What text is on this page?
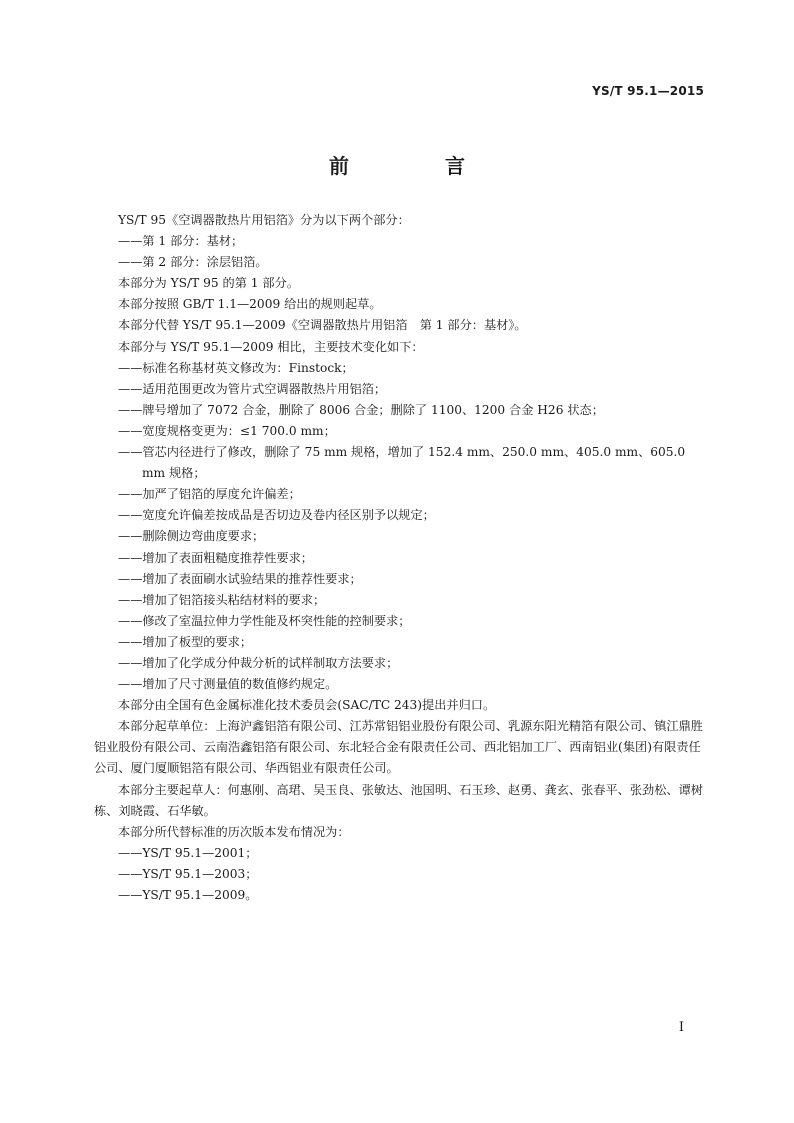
YS/T 95.1—2015
前　言

YS/T 95《空调器散热片用铝箔》分为以下两个部分：

——第 1 部分：基材；

——第 2 部分：涂层铝箔。

本部分为 YS/T 95 的第 1 部分。

本部分按照 GB/T 1.1—2009 给出的规则起草。

本部分代替 YS/T 95.1—2009《空调器散热片用铝箔　第 1 部分：基材》。

本部分与 YS/T 95.1—2009 相比，主要技术变化如下：

——标准名称基材英文修改为：Finstock；

——适用范围更改为管片式空调器散热片用铝箔；

——牌号增加了 7072 合金，删除了 8006 合金；删除了 1100、1200 合金 H26 状态；

——宽度规格变更为：≤1 700.0 mm；

——管芯内径进行了修改，删除了 75 mm 规格，增加了 152.4 mm、250.0 mm、405.0 mm、605.0 mm 规格；

——加严了铝箔的厚度允许偏差；

——宽度允许偏差按成品是否切边及卷内径区别予以规定；

——删除侧边弯曲度要求；

——增加了表面粗糙度推荐性要求；

——增加了表面刷水试验结果的推荐性要求；

——增加了铝箔接头粘结材料的要求；

——修改了室温拉伸力学性能及杯突性能的控制要求；

——增加了板型的要求；

——增加了化学成分仲裁分析的试样制取方法要求；

——增加了尺寸测量值的数值修约规定。

本部分由全国有色金属标准化技术委员会(SAC/TC 243)提出并归口。

本部分起草单位：上海沪鑫铝箔有限公司、江苏常铝铝业股份有限公司、乳源东阳光精箔有限公司、镇江鼎胜铝业股份有限公司、云南浩鑫铝箔有限公司、东北轻合金有限责任公司、西北铝加工厂、西南铝业(集团)有限责任公司、厦门厦顺铝箔有限公司、华西铝业有限责任公司。

本部分主要起草人：何惠刚、高珺、吴玉良、张敏达、池国明、石玉珍、赵勇、龚玄、张春平、张劲松、谭树栋、刘晓霞、石华敏。

本部分所代替标准的历次版本发布情况为：

——YS/T 95.1—2001；

——YS/T 95.1—2003；

——YS/T 95.1—2009。

I
